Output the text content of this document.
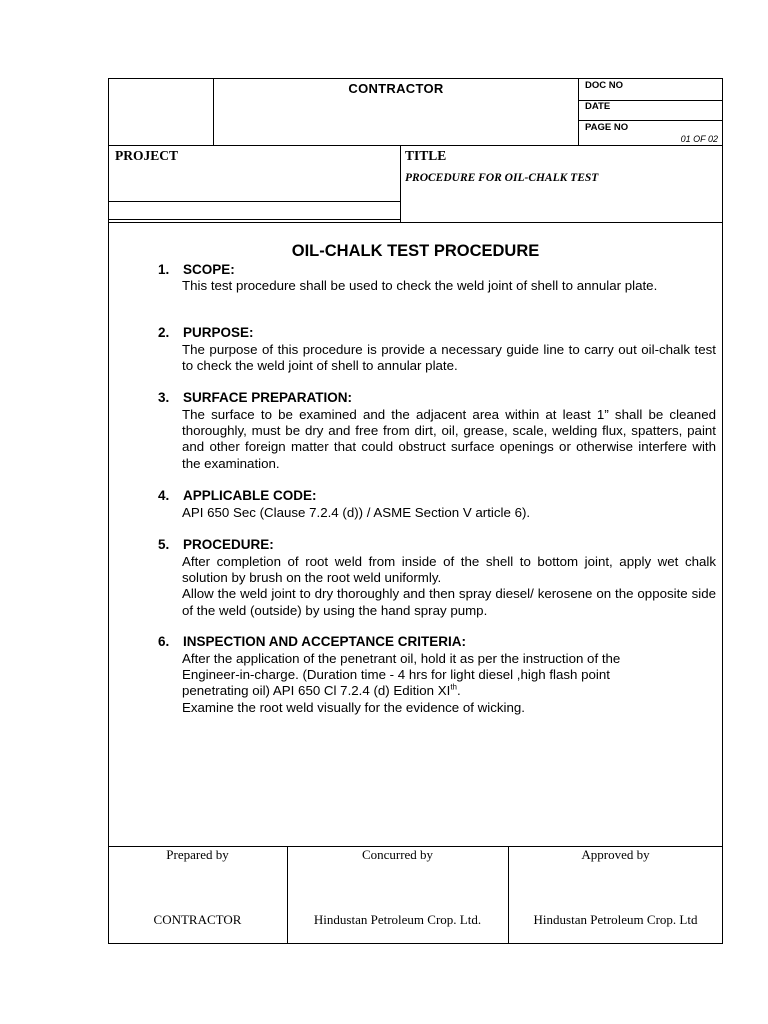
CONTRACTOR	DOC NO
DATE
PAGE NO
01 OF 02
PROJECT	TITLE
PROCEDURE FOR OIL-CHALK TEST
OIL-CHALK TEST PROCEDURE
1. SCOPE:

This test procedure shall be used to check the weld joint of shell to annular plate.

2. PURPOSE:

The purpose of this procedure is provide a necessary guide line to carry out oil-chalk test to check the weld joint of shell to annular plate.

3. SURFACE PREPARATION:

The surface to be examined and the adjacent area within at least 1” shall be cleaned thoroughly, must be dry and free from dirt, oil, grease, scale, welding flux, spatters, paint and other foreign matter that could obstruct surface openings or otherwise interfere with the examination.

4. APPLICABLE CODE:

API 650 Sec (Clause 7.2.4 (d)) / ASME Section V article 6).

5. PROCEDURE:

After completion of root weld from inside of the shell to bottom joint, apply wet chalk solution by brush on the root weld uniformly.

Allow the weld joint to dry thoroughly and then spray diesel/ kerosene on the opposite side of the weld (outside) by using the hand spray pump.

6. INSPECTION AND ACCEPTANCE CRITERIA:
After the application of the penetrant oil, hold it as per the instruction of the
Engineer-in-charge. (Duration time - 4 hrs for light diesel ,high flash point
penetrating oil) API 650 Cl 7.2.4 (d) Edition XIth.
Examine the root weld visually for the evidence of wicking.
Prepared by	Concurred by	Approved by
CONTRACTOR	Hindustan Petroleum Crop. Ltd.	Hindustan Petroleum Crop. Ltd
